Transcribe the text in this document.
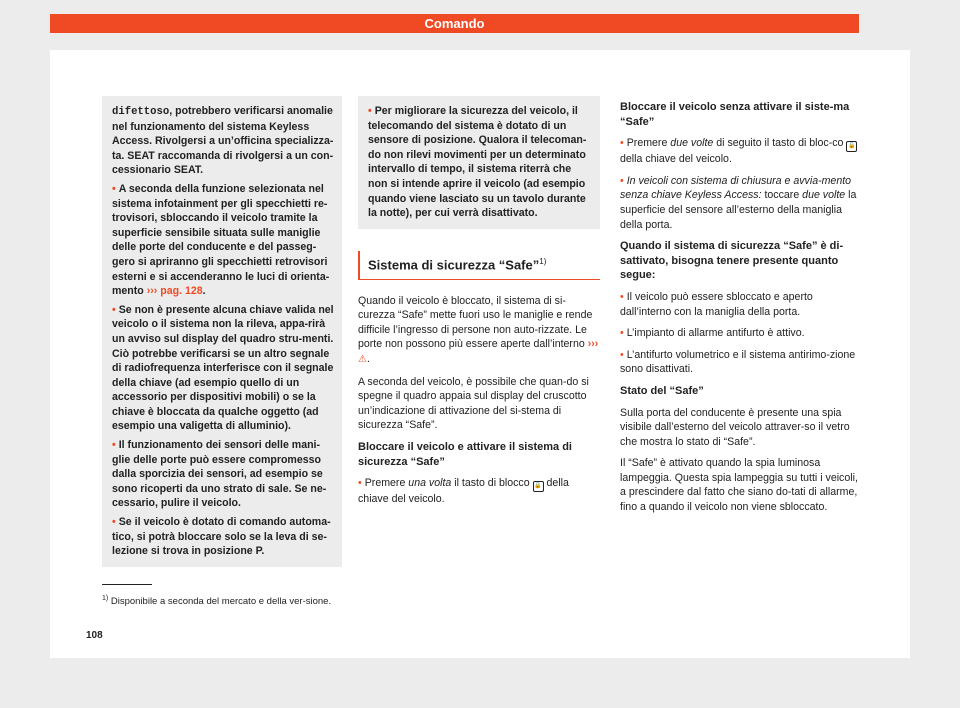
Comando

difettoso, potrebbero verificarsi anomalie nel funzionamento del sistema Keyless Access. Rivolgersi a un’officina specializza-ta. SEAT raccomanda di rivolgersi a un con-cessionario SEAT.

• A seconda della funzione selezionata nel sistema infotainment per gli specchietti re-trovisori, sbloccando il veicolo tramite la superficie sensibile situata sulle maniglie delle porte del conducente e del passeg-gero si apriranno gli specchietti retrovisori esterni e si accenderanno le luci di orienta-mento ››› pag. 128.

• Se non è presente alcuna chiave valida nel veicolo o il sistema non la rileva, appa-rirà un avviso sul display del quadro stru-menti. Ciò potrebbe verificarsi se un altro segnale di radiofrequenza interferisce con il segnale della chiave (ad esempio quello di un accessorio per dispositivi mobili) o se la chiave è bloccata da qualche oggetto (ad esempio una valigetta di alluminio).

• Il funzionamento dei sensori delle mani-glie delle porte può essere compromesso dalla sporcizia dei sensori, ad esempio se sono ricoperti da uno strato di sale. Se ne-cessario, pulire il veicolo.

• Se il veicolo è dotato di comando automa-tico, si potrà bloccare solo se la leva di se-lezione si trova in posizione P.

• Per migliorare la sicurezza del veicolo, il telecomando del sistema è dotato di un sensore di posizione. Qualora il telecoman-do non rilevi movimenti per un determinato intervallo di tempo, il sistema riterrà che non si intende aprire il veicolo (ad esempio quando viene lasciato su un tavolo durante la notte), per cui verrà disattivato.

Sistema di sicurezza “Safe”$^{1)}$

Quando il veicolo è bloccato, il sistema di si-curezza “Safe” mette fuori uso le maniglie e rende difficile l’ingresso di persone non auto-rizzate. Le porte non possono più essere aperte dall’interno ››› ⚠.

A seconda del veicolo, è possibile che quan-do si spegne il quadro appaia sul display del cruscotto un’indicazione di attivazione del si-stema di sicurezza “Safe”.

Bloccare il veicolo e attivare il sistema di sicurezza “Safe”

• Premere una volta il tasto di blocco 🔒 della chiave del veicolo.

Bloccare il veicolo senza attivare il siste-ma “Safe”

• Premere due volte di seguito il tasto di bloc-co 🔒 della chiave del veicolo.

• In veicoli con sistema di chiusura e avvia-mento senza chiave Keyless Access: toccare due volte la superficie del sensore all’esterno della maniglia della porta.

Quando il sistema di sicurezza “Safe” è di-sattivato, bisogna tenere presente quanto segue:

• Il veicolo può essere sbloccato e aperto dall’interno con la maniglia della porta.

• L’impianto di allarme antifurto è attivo.

• L’antifurto volumetrico e il sistema antirimo-zione sono disattivati.

Stato del “Safe”

Sulla porta del conducente è presente una spia visibile dall’esterno del veicolo attraver-so il vetro che mostra lo stato di “Safe”.

Il “Safe” è attivato quando la spia luminosa lampeggia. Questa spia lampeggia su tutti i veicoli, a prescindere dal fatto che siano do-tati di allarme, fino a quando il veicolo non viene sbloccato.

$^{1)}$ Disponibile a seconda del mercato e della ver-sione.
108
